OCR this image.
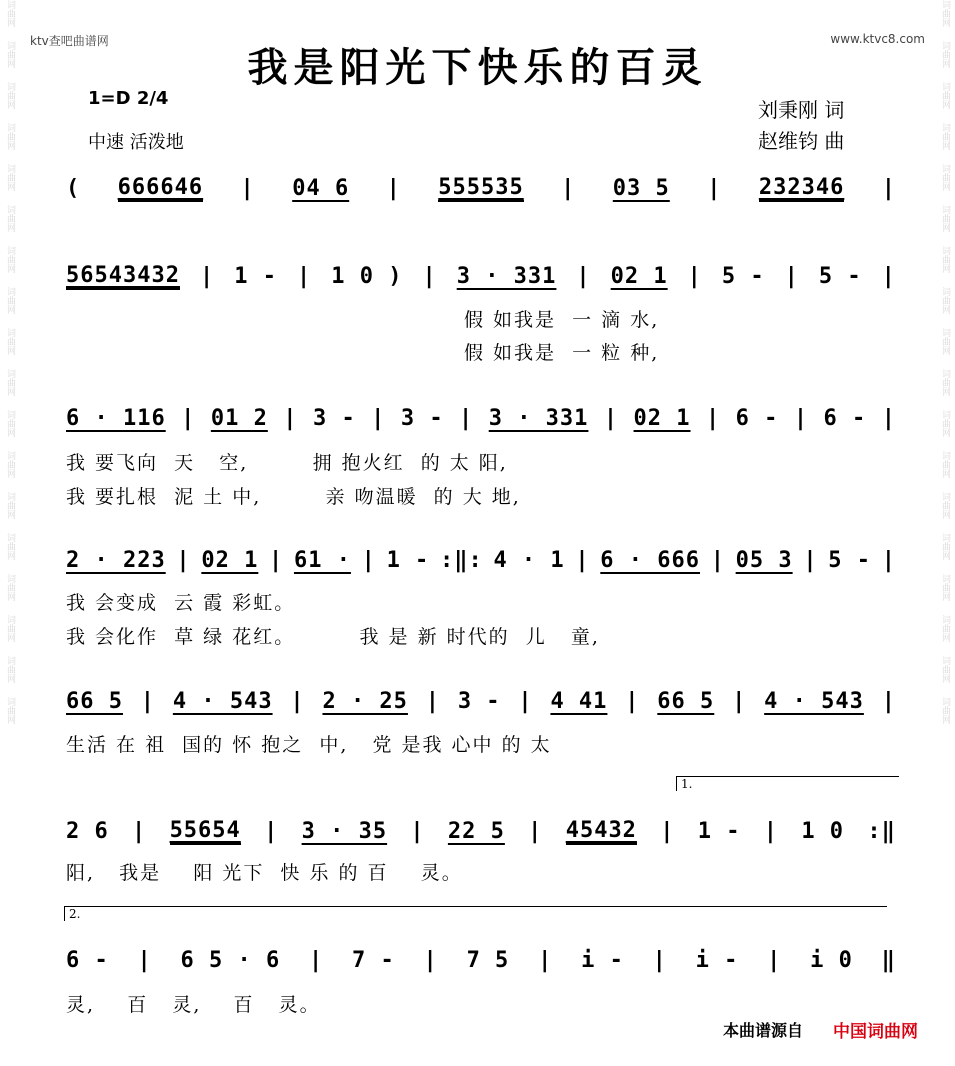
词曲网
词曲网
词曲网
词曲网
词曲网
词曲网
词曲网
词曲网
词曲网
词曲网
词曲网
词曲网
词曲网
词曲网
词曲网
词曲网
词曲网
词曲网
词曲网
词曲网
词曲网
词曲网
词曲网
词曲网
词曲网
词曲网
词曲网
词曲网
词曲网
词曲网
词曲网
词曲网
词曲网
词曲网
词曲网
词曲网
ktv查吧曲谱网	www.ktvc8.com
我是阳光下快乐的百灵
1=D 2/4
中速 活泼地
刘秉刚 词
赵维钧 曲
( 666646 | 04 6 | 555535 | 03 5 | 232346 |
56543432 | 1 - | 1 0 ) | 3 · 331 | 02 1 | 5 - | 5 - |
假 如我是  一 滴 水,
假 如我是  一 粒 种,
6 · 116 | 01 2 | 3 - | 3 - | 3 · 331 | 02 1 | 6 - | 6 - |
我 要飞向  天   空,        拥 抱火红  的 太 阳,
我 要扎根  泥 土 中,        亲 吻温暖  的 大 地,
2 · 223 | 02 1 | 61 · | 1 - :‖: 4 · 1 | 6 · 666 | 05 3 | 5 - |
我 会变成  云 霞 彩虹。
我 会化作  草 绿 花红。        我 是 新 时代的  儿   童,
66 5 | 4 · 543 | 2 · 25 | 3 - | 4 41 | 66 5 | 4 · 543 |
生活 在 祖  国的 怀 抱之  中,   党 是我 心中 的 太
1.
2 6 | 55654 | 3 · 35 | 22 5 | 45432 | 1 - | 1 0 :‖
阳,   我是    阳 光下  快 乐 的 百    灵。
2.
6 - | 6 5 · 6 | 7 - | 7 5 | i - | i - | i 0 ‖
灵,    百   灵,    百   灵。
本曲谱源自 中国词曲网
